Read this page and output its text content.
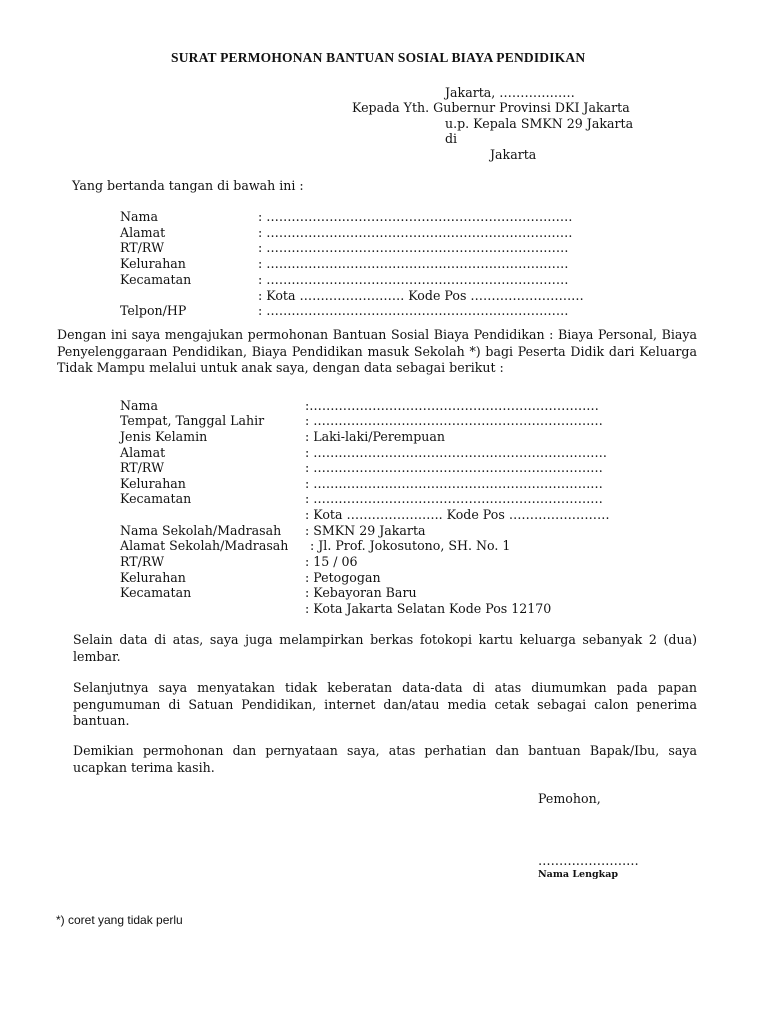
SURAT PERMOHONAN BANTUAN SOSIAL BIAYA PENDIDIKAN
Jakarta, ………………
Kepada Yth. Gubernur Provinsi DKI Jakarta
u.p. Kepala SMKN 29 Jakarta
di
Jakarta
Yang bertanda tangan di bawah ini :
Nama	: ……………….………………………………………………
Alamat	: ……………….………………………………………………
RT/RW	: ………………………………………………………………
Kelurahan	: ………………………………………………………………
Kecamatan	: ………………………………………………………………
: Kota ……………………. Kode Pos ………………………
Telpon/HP	: ………………………………………………………………
Dengan ini saya mengajukan permohonan Bantuan Sosial Biaya Pendidikan : Biaya Personal, Biaya Penyelenggaraan Pendidikan, Biaya Pendidikan masuk Sekolah *) bagi Peserta Didik dari Keluarga Tidak Mampu melalui untuk anak saya, dengan data sebagai berikut :
Nama	:……………………………………………………………
Tempat, Tanggal Lahir	: ……………………………………………………………
Jenis Kelamin	: Laki-laki/Perempuan
Alamat	: …………………………………………………………….
RT/RW	: ……………………………………………………………
Kelurahan	: ……………………………………………………………
Kecamatan	: ……………………………………………………………
: Kota ………………….. Kode Pos ……………………
Nama Sekolah/Madrasah : SMKN 29 Jakarta
Alamat Sekolah/Madrasah : Jl. Prof. Jokosutono, SH. No. 1
RT/RW	: 15 / 06
Kelurahan	: Petogogan
Kecamatan	: Kebayoran Baru
: Kota Jakarta Selatan Kode Pos 12170
Selain data di atas, saya juga melampirkan berkas fotokopi kartu keluarga sebanyak 2 (dua) lembar.
Selanjutnya saya menyatakan tidak keberatan data-data di atas diumumkan pada papan pengumuman di Satuan Pendidikan, internet dan/atau media cetak sebagai calon penerima bantuan.
Demikian permohonan dan pernyataan saya, atas perhatian dan bantuan Bapak/Ibu, saya ucapkan terima kasih.
Pemohon,
……………………
Nama Lengkap
*) coret yang tidak perlu
